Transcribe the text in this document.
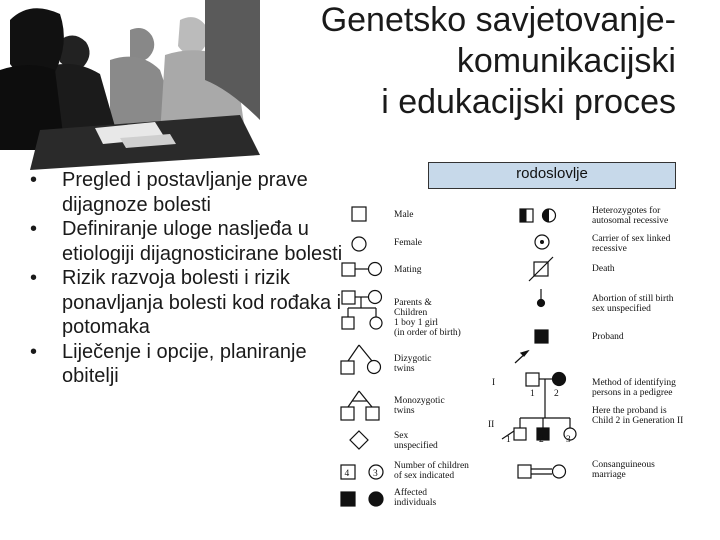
Genetsko savjetovanje-
komunikacijski
i edukacijski proces
• Pregled i postavljanje prave dijagnoze bolesti
• Definiranje uloge nasljeđa u etiologiji dijagnosticirane bolesti
• Rizik razvoja bolesti i rizik ponavljanja bolesti kod rođaka i potomaka
• Liječenje i opcije, planiranje obitelji
rodoslovlje
4	3
I
II
1 2
1	2 3
Male
Female
Mating
Parents &
Children
1 boy 1 girl
(in order of birth)
Dizygotic
twins
Monozygotic
twins
Sex
unspecified
Number of children
of sex indicated
Affected
individuals
Heterozygotes for
autosomal recessive
Carrier of sex linked
recessive
Death
Abortion of still birth
sex unspecified
Proband
Method of identifying
persons in a pedigree
Here the proband is
Child 2 in Generation II
Consanguineous
marriage
